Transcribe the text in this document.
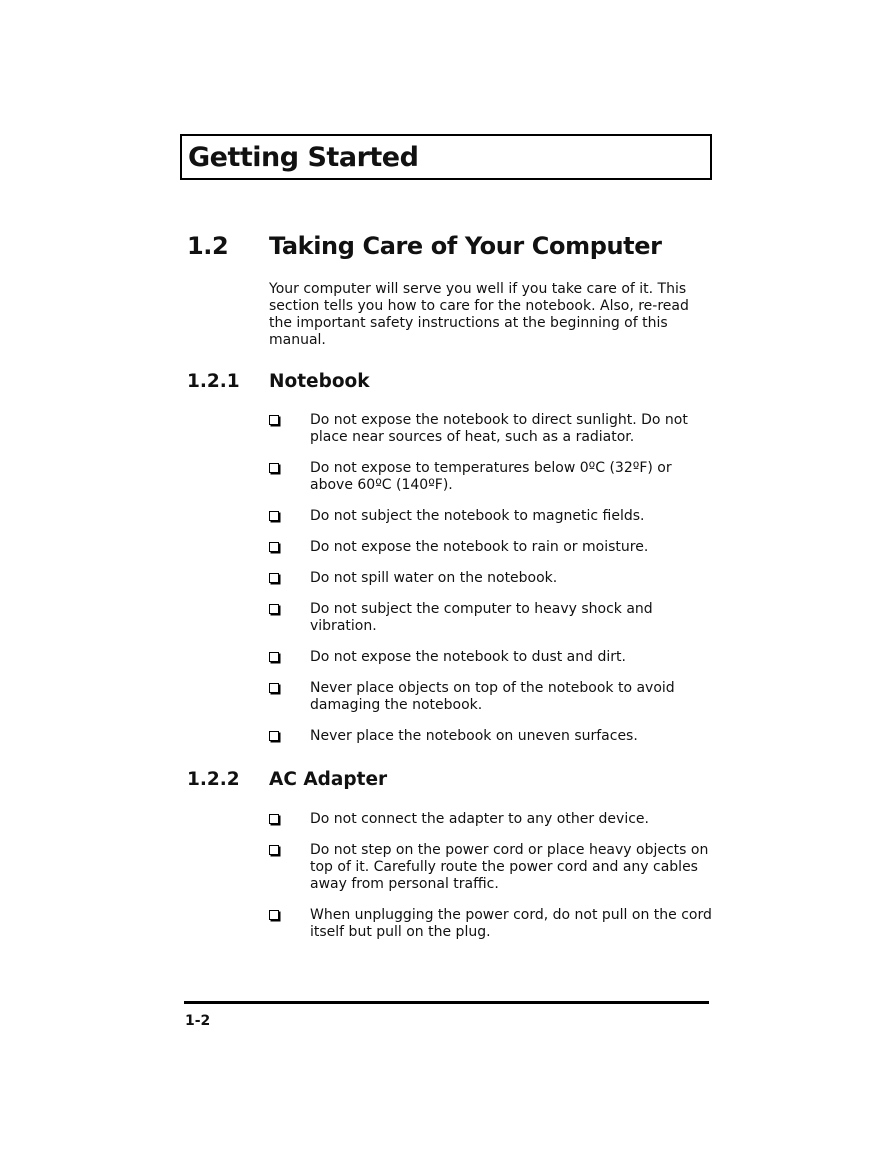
Getting Started
1.2 Taking Care of Your Computer

Your computer will serve you well if you take care of it. This section tells you how to care for the notebook. Also, re-read the important safety instructions at the beginning of this manual.

1.2.1 Notebook
Do not expose the notebook to direct sunlight. Do not place near sources of heat, such as a radiator.
Do not expose to temperatures below 0ºC (32ºF) or above 60ºC (140ºF).
Do not subject the notebook to magnetic fields.
Do not expose the notebook to rain or moisture.
Do not spill water on the notebook.
Do not subject the computer to heavy shock and vibration.
Do not expose the notebook to dust and dirt.
Never place objects on top of the notebook to avoid damaging the notebook.
Never place the notebook on uneven surfaces.
1.2.2 AC Adapter
Do not connect the adapter to any other device.
Do not step on the power cord or place heavy objects on top of it. Carefully route the power cord and any cables away from personal traffic.
When unplugging the power cord, do not pull on the cord itself but pull on the plug.
1-2
